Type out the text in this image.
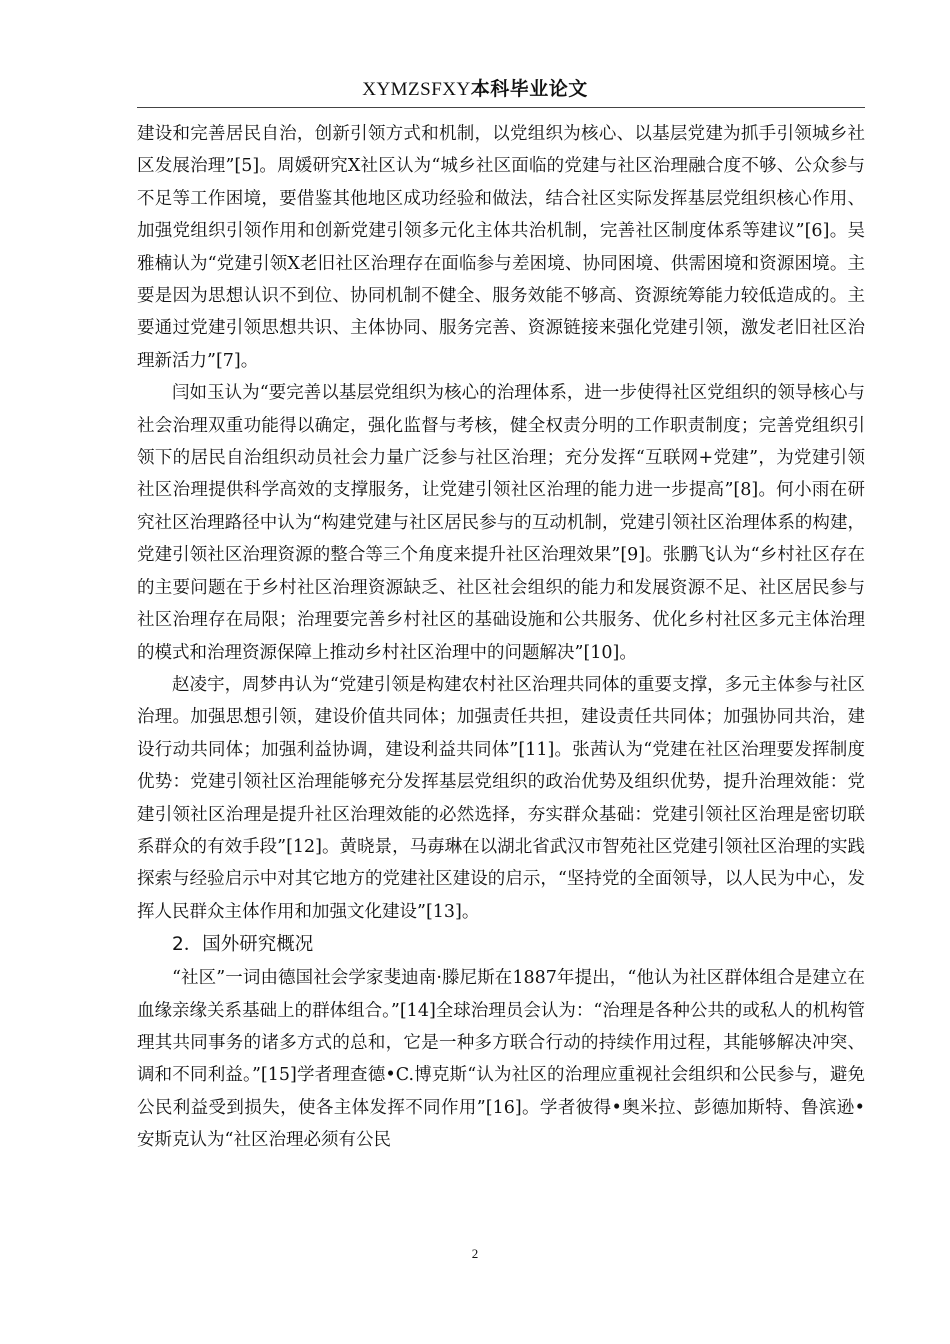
XYMZSFXY本科毕业论文

建设和完善居民自治，创新引领方式和机制，以党组织为核心、以基层党建为抓手引领城乡社区发展治理”[5]。周媛研究X社区认为“城乡社区面临的党建与社区治理融合度不够、公众参与不足等工作困境，要借鉴其他地区成功经验和做法，结合社区实际发挥基层党组织核心作用、加强党组织引领作用和创新党建引领多元化主体共治机制，完善社区制度体系等建议”[6]。吴雅楠认为“党建引领X老旧社区治理存在面临参与差困境、协同困境、供需困境和资源困境。主要是因为思想认识不到位、协同机制不健全、服务效能不够高、资源统筹能力较低造成的。主要通过党建引领思想共识、主体协同、服务完善、资源链接来强化党建引领，激发老旧社区治理新活力”[7]。

闫如玉认为“要完善以基层党组织为核心的治理体系，进一步使得社区党组织的领导核心与社会治理双重功能得以确定，强化监督与考核，健全权责分明的工作职责制度；完善党组织引领下的居民自治组织动员社会力量广泛参与社区治理；充分发挥“互联网+党建”，为党建引领社区治理提供科学高效的支撑服务，让党建引领社区治理的能力进一步提高”[8]。何小雨在研究社区治理路径中认为“构建党建与社区居民参与的互动机制，党建引领社区治理体系的构建，党建引领社区治理资源的整合等三个角度来提升社区治理效果”[9]。张鹏飞认为“乡村社区存在的主要问题在于乡村社区治理资源缺乏、社区社会组织的能力和发展资源不足、社区居民参与社区治理存在局限；治理要完善乡村社区的基础设施和公共服务、优化乡村社区多元主体治理的模式和治理资源保障上推动乡村社区治理中的问题解决”[10]。

赵凌宇，周梦冉认为“党建引领是构建农村社区治理共同体的重要支撑，多元主体参与社区治理。加强思想引领，建设价值共同体；加强责任共担，建设责任共同体；加强协同共治，建设行动共同体；加强利益协调，建设利益共同体”[11]。张茜认为“党建在社区治理要发挥制度优势：党建引领社区治理能够充分发挥基层党组织的政治优势及组织优势，提升治理效能：党建引领社区治理是提升社区治理效能的必然选择，夯实群众基础：党建引领社区治理是密切联系群众的有效手段”[12]。黄晓景，马毐琳在以湖北省武汉市智苑社区党建引领社区治理的实践探索与经验启示中对其它地方的党建社区建设的启示，“坚持党的全面领导，以人民为中心，发挥人民群众主体作用和加强文化建设”[13]。

2．国外研究概况

“社区”一词由德国社会学家斐迪南·滕尼斯在1887年提出，“他认为社区群体组合是建立在血缘亲缘关系基础上的群体组合。”[14]全球治理员会认为：“治理是各种公共的或私人的机构管理其共同事务的诸多方式的总和，它是一种多方联合行动的持续作用过程，其能够解决冲突、调和不同利益。”[15]学者理查德•C.博克斯“认为社区的治理应重视社会组织和公民参与，避免公民利益受到损失，使各主体发挥不同作用”[16]。学者彼得•奥米拉、彭德加斯特、鲁滨逊•安斯克认为“社区治理必须有公民

2
